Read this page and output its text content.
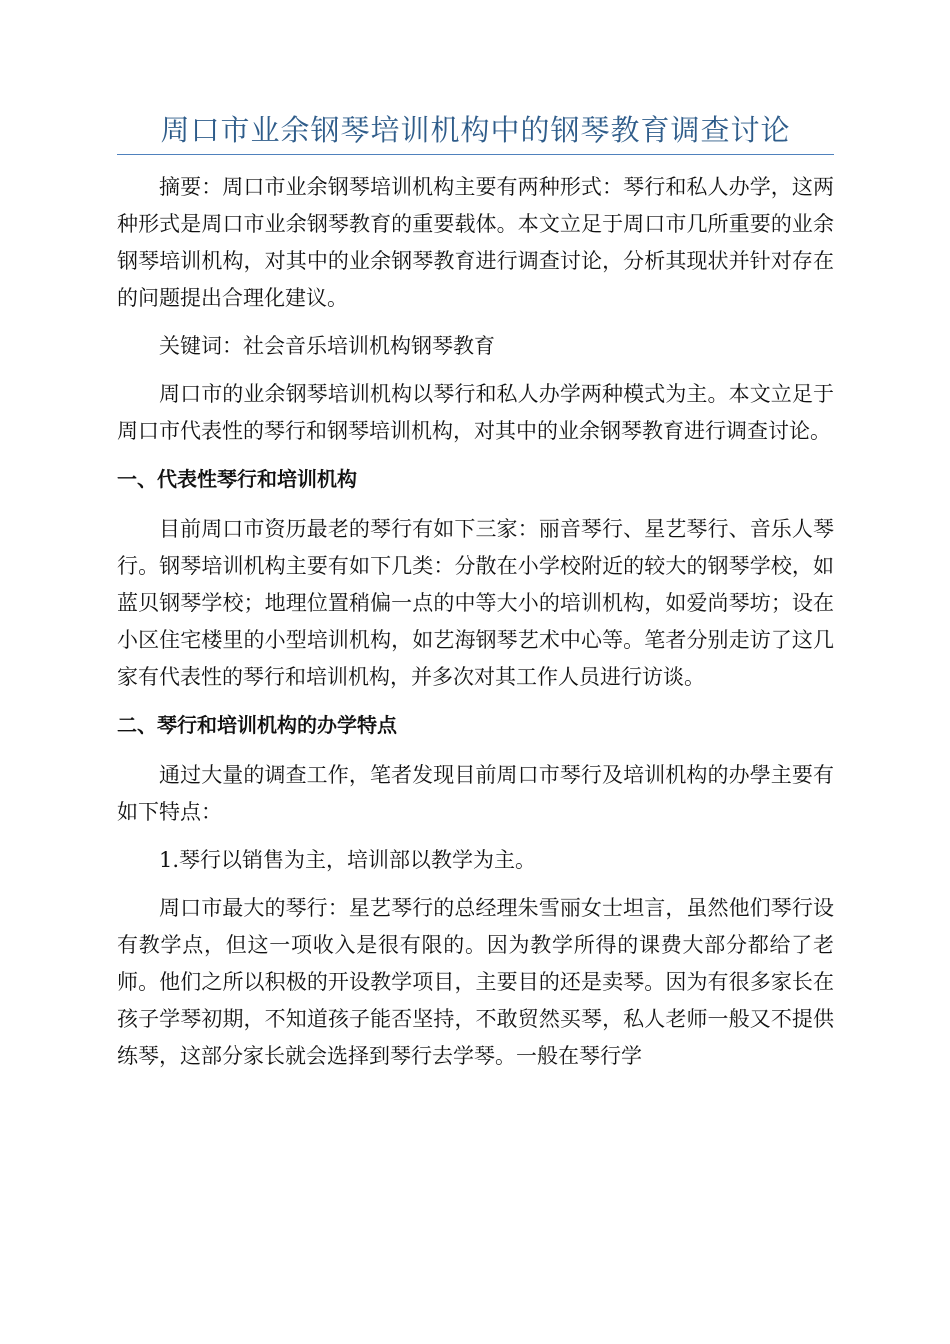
周口市业余钢琴培训机构中的钢琴教育调查讨论

摘要：周口市业余钢琴培训机构主要有两种形式：琴行和私人办学，这两种形式是周口市业余钢琴教育的重要载体。本文立足于周口市几所重要的业余钢琴培训机构，对其中的业余钢琴教育进行调查讨论，分析其现状并针对存在的问题提出合理化建议。

关键词：社会音乐培训机构钢琴教育

周口市的业余钢琴培训机构以琴行和私人办学两种模式为主。本文立足于周口市代表性的琴行和钢琴培训机构，对其中的业余钢琴教育进行调查讨论。

一、代表性琴行和培训机构

目前周口市资历最老的琴行有如下三家：丽音琴行、星艺琴行、音乐人琴行。钢琴培训机构主要有如下几类：分散在小学校附近的较大的钢琴学校，如蓝贝钢琴学校；地理位置稍偏一点的中等大小的培训机构，如爱尚琴坊；设在小区住宅楼里的小型培训机构，如艺海钢琴艺术中心等。笔者分别走访了这几家有代表性的琴行和培训机构，并多次对其工作人员进行访谈。

二、琴行和培训机构的办学特点

通过大量的调查工作，笔者发现目前周口市琴行及培训机构的办學主要有如下特点：

1.琴行以销售为主，培训部以教学为主。

周口市最大的琴行：星艺琴行的总经理朱雪丽女士坦言，虽然他们琴行设有教学点，但这一项收入是很有限的。因为教学所得的课费大部分都给了老师。他们之所以积极的开设教学项目，主要目的还是卖琴。因为有很多家长在孩子学琴初期，不知道孩子能否坚持，不敢贸然买琴，私人老师一般又不提供练琴，这部分家长就会选择到琴行去学琴。一般在琴行学
